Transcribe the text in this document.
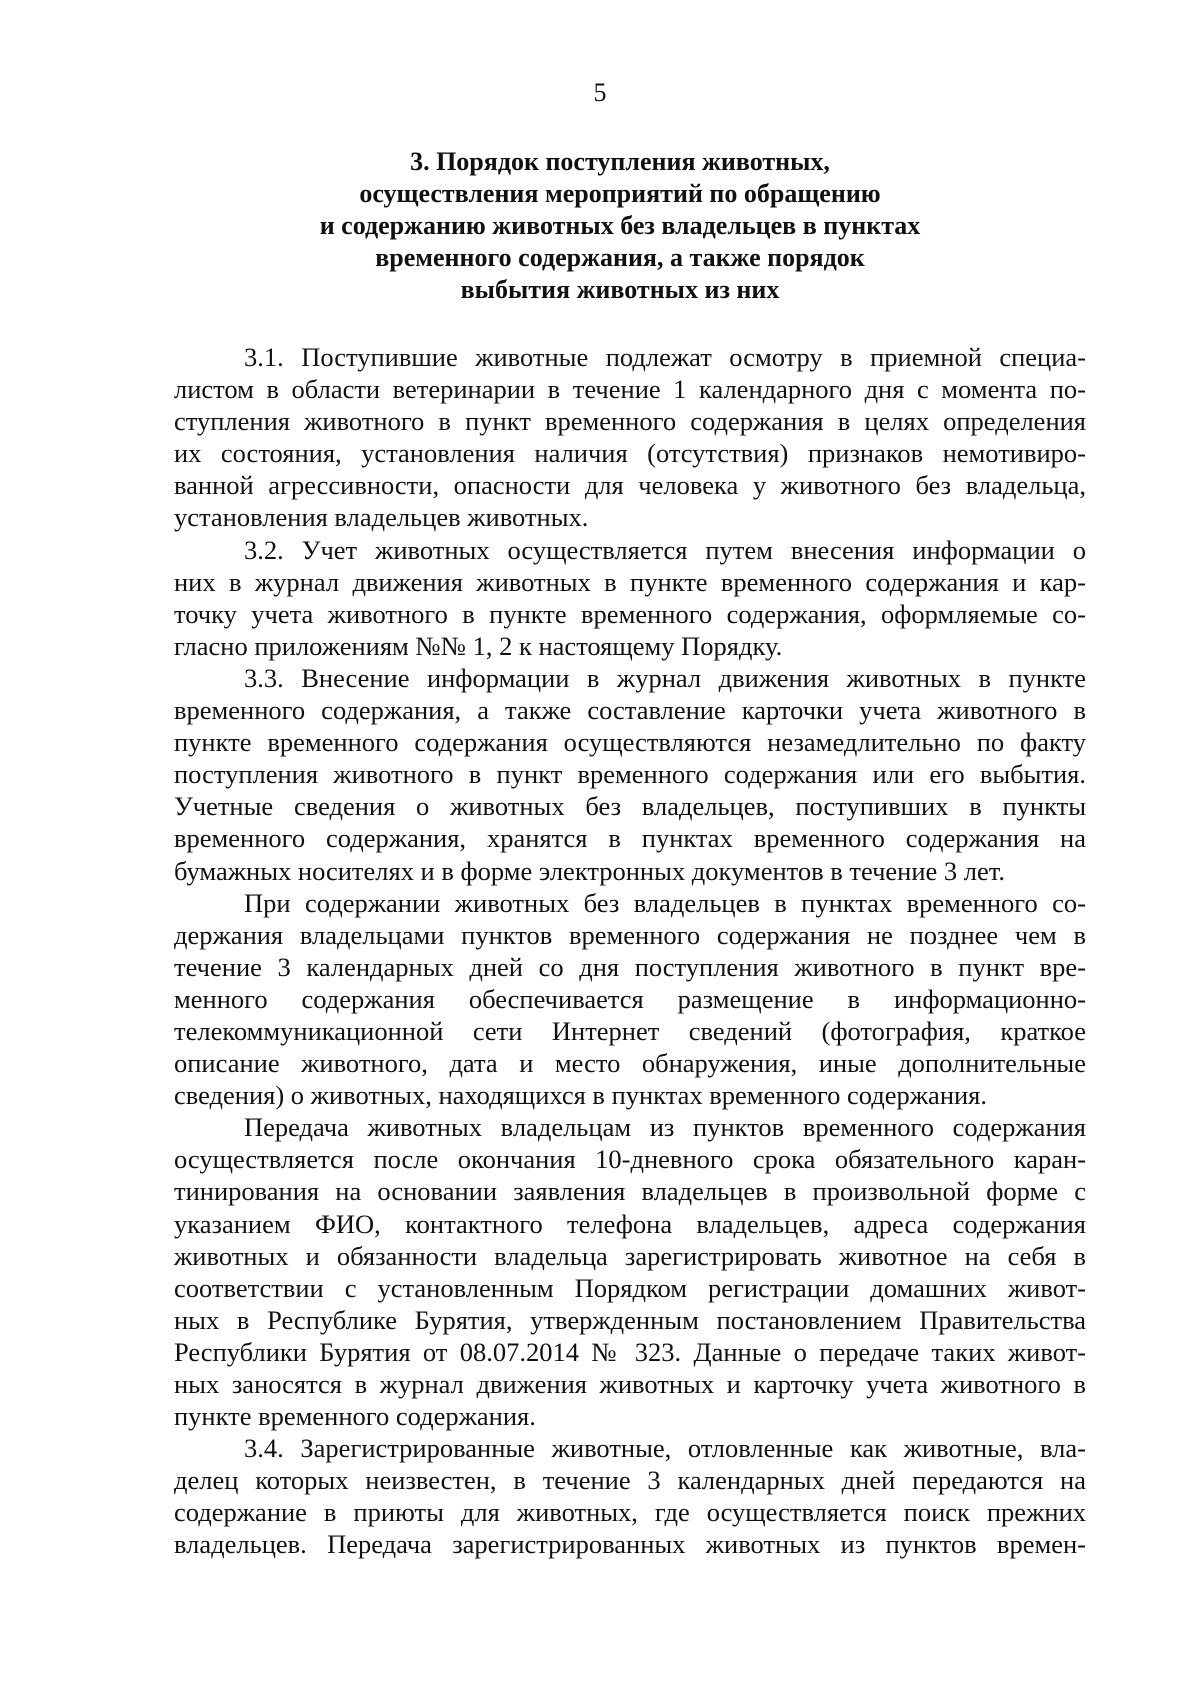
5
3. Порядок поступления животных,
осуществления мероприятий по обращению
и содержанию животных без владельцев в пунктах
временного содержания, а также порядок
выбытия животных из них
3.1. Поступившие животные подлежат осмотру в приемной специа-
листом в области ветеринарии в течение 1 календарного дня с момента по-
ступления животного в пункт временного содержания в целях определения
их состояния, установления наличия (отсутствия) признаков немотивиро-
ванной агрессивности, опасности для человека у животного без владельца,
установления владельцев животных.
3.2. Учет животных осуществляется путем внесения информации о
них в журнал движения животных в пункте временного содержания и кар-
точку учета животного в пункте временного содержания, оформляемые со-
гласно приложениям №№ 1, 2 к настоящему Порядку.
3.3. Внесение информации в журнал движения животных в пункте
временного содержания, а также составление карточки учета животного в
пункте временного содержания осуществляются незамедлительно по факту
поступления животного в пункт временного содержания или его выбытия.
Учетные сведения о животных без владельцев, поступивших в пункты
временного содержания, хранятся в пунктах временного содержания на
бумажных носителях и в форме электронных документов в течение 3 лет.
При содержании животных без владельцев в пунктах временного со-
держания владельцами пунктов временного содержания не позднее чем в
течение 3 календарных дней со дня поступления животного в пункт вре-
менного содержания обеспечивается размещение в информационно-
телекоммуникационной сети Интернет сведений (фотография, краткое
описание животного, дата и место обнаружения, иные дополнительные
сведения) о животных, находящихся в пунктах временного содержания.
Передача животных владельцам из пунктов временного содержания
осуществляется после окончания 10-дневного срока обязательного каран-
тинирования на основании заявления владельцев в произвольной форме с
указанием ФИО, контактного телефона владельцев, адреса содержания
животных и обязанности владельца зарегистрировать животное на себя в
соответствии с установленным Порядком регистрации домашних живот-
ных в Республике Бурятия, утвержденным постановлением Правительства
Республики Бурятия от 08.07.2014 № 323. Данные о передаче таких живот-
ных заносятся в журнал движения животных и карточку учета животного в
пункте временного содержания.
3.4. Зарегистрированные животные, отловленные как животные, вла-
делец которых неизвестен, в течение 3 календарных дней передаются на
содержание в приюты для животных, где осуществляется поиск прежних
владельцев. Передача зарегистрированных животных из пунктов времен-
